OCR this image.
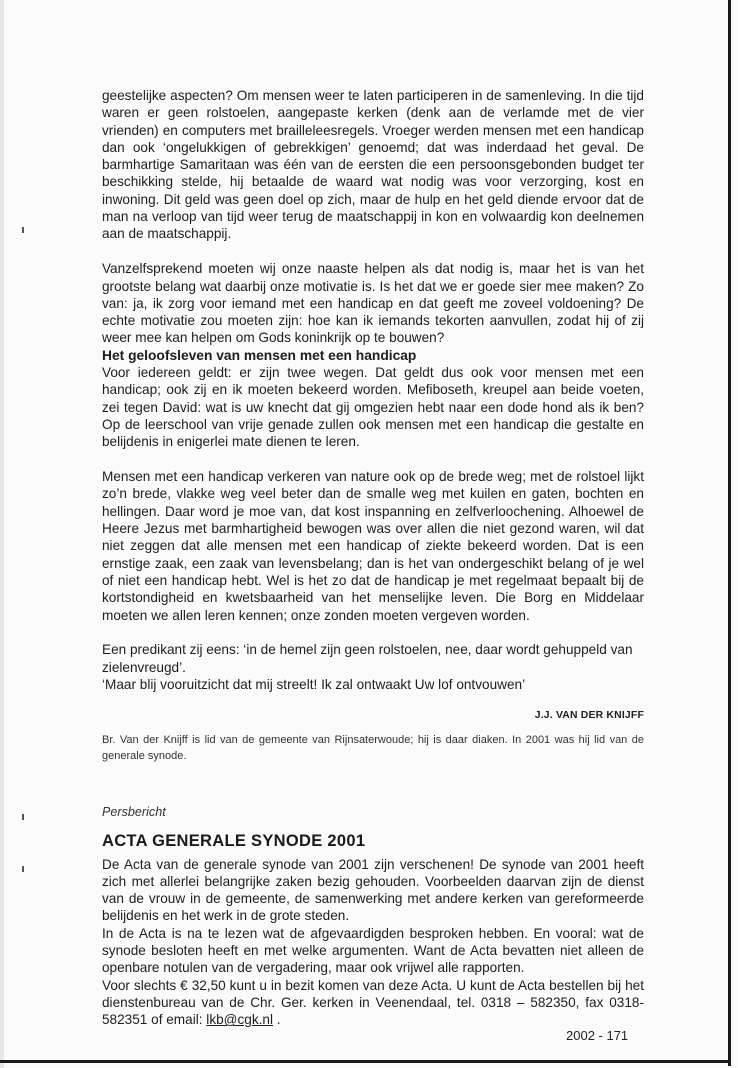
geestelijke aspecten? Om mensen weer te laten participeren in de samenleving. In die tijd waren er geen rolstoelen, aangepaste kerken (denk aan de verlamde met de vier vrienden) en computers met brailleleesregels. Vroeger werden mensen met een handicap dan ook ‘ongelukkigen of gebrekkigen’ genoemd; dat was inderdaad het geval. De barmhartige Samaritaan was één van de eersten die een persoonsgebonden budget ter beschikking stelde, hij betaalde de waard wat nodig was voor verzorging, kost en inwoning. Dit geld was geen doel op zich, maar de hulp en het geld diende ervoor dat de man na verloop van tijd weer terug de maatschappij in kon en volwaardig kon deelnemen aan de maatschappij.

Vanzelfsprekend moeten wij onze naaste helpen als dat nodig is, maar het is van het grootste belang wat daarbij onze motivatie is. Is het dat we er goede sier mee maken? Zo van: ja, ik zorg voor iemand met een handicap en dat geeft me zoveel voldoening? De echte motivatie zou moeten zijn: hoe kan ik iemands tekorten aanvullen, zodat hij of zij weer mee kan helpen om Gods koninkrijk op te bouwen?

Het geloofsleven van mensen met een handicap

Voor iedereen geldt: er zijn twee wegen. Dat geldt dus ook voor mensen met een handicap; ook zij en ik moeten bekeerd worden. Mefiboseth, kreupel aan beide voeten, zei tegen David: wat is uw knecht dat gij omgezien hebt naar een dode hond als ik ben? Op de leerschool van vrije genade zullen ook mensen met een handicap die gestalte en belijdenis in enigerlei mate dienen te leren.

Mensen met een handicap verkeren van nature ook op de brede weg; met de rolstoel lijkt zo’n brede, vlakke weg veel beter dan de smalle weg met kuilen en gaten, bochten en hellingen. Daar word je moe van, dat kost inspanning en zelfverloochening. Alhoewel de Heere Jezus met barmhartigheid bewogen was over allen die niet gezond waren, wil dat niet zeggen dat alle mensen met een handicap of ziekte bekeerd worden. Dat is een ernstige zaak, een zaak van levensbelang; dan is het van ondergeschikt belang of je wel of niet een handicap hebt. Wel is het zo dat de handicap je met regelmaat bepaalt bij de kortstondigheid en kwetsbaarheid van het menselijke leven. Die Borg en Middelaar moeten we allen leren kennen; onze zonden moeten vergeven worden.

Een predikant zij eens: ‘in de hemel zijn geen rolstoelen, nee, daar wordt gehuppeld van zielenvreugd’.

‘Maar blij vooruitzicht dat mij streelt! Ik zal ontwaakt Uw lof ontvouwen’

J.J. VAN DER KNIJFF

Br. Van der Knijff is lid van de gemeente van Rijnsaterwoude; hij is daar diaken. In 2001 was hij lid van de generale synode.

Persbericht

ACTA GENERALE SYNODE 2001

De Acta van de generale synode van 2001 zijn verschenen! De synode van 2001 heeft zich met allerlei belangrijke zaken bezig gehouden. Voorbeelden daarvan zijn de dienst van de vrouw in de gemeente, de samenwerking met andere kerken van gereformeerde belijdenis en het werk in de grote steden.

In de Acta is na te lezen wat de afgevaardigden besproken hebben. En vooral: wat de synode besloten heeft en met welke argumenten. Want de Acta bevatten niet alleen de openbare notulen van de vergadering, maar ook vrijwel alle rapporten.

Voor slechts € 32,50 kunt u in bezit komen van deze Acta. U kunt de Acta bestellen bij het dienstenbureau van de Chr. Ger. kerken in Veenendaal, tel. 0318 – 582350, fax 0318-582351 of email: lkb@cgk.nl .

2002 - 171
